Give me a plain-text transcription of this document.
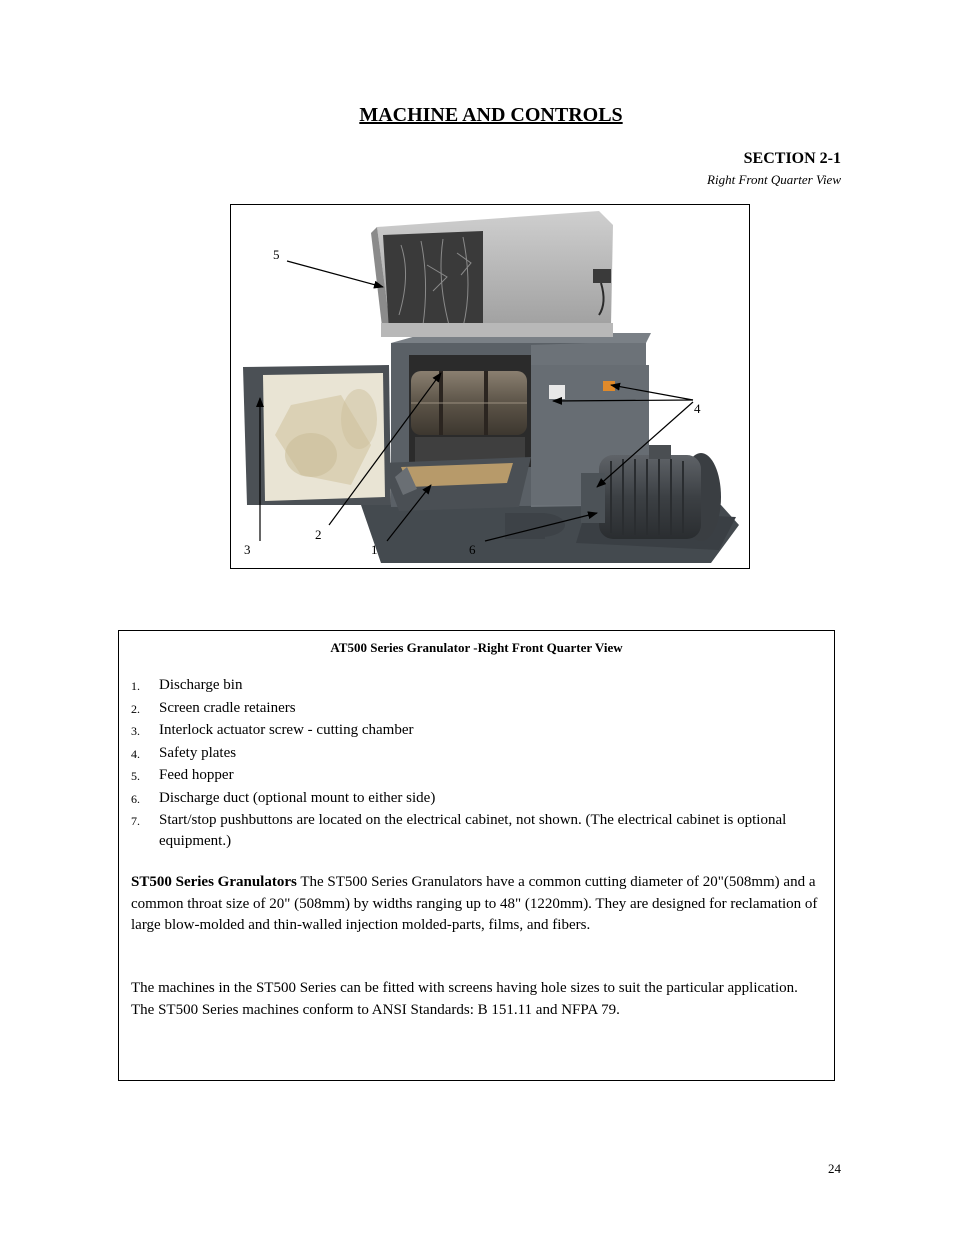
MACHINE AND CONTROLS
SECTION 2-1
Right Front Quarter View
5
4
3
2
1	6
AT500 Series Granulator -Right Front Quarter View
1. Discharge bin
2. Screen cradle retainers
3. Interlock actuator screw - cutting chamber
4. Safety plates
5. Feed hopper
6. Discharge duct (optional mount to either side)
7. Start/stop pushbuttons are located on the electrical cabinet, not shown. (The electrical cabinet is optional equipment.)

ST500 Series Granulators The ST500 Series Granulators have a common cutting diameter of 20"(508mm) and a common throat size of 20" (508mm) by widths ranging up to 48" (1220mm). They are designed for reclamation of large blow-molded and thin-walled injection molded-parts, films, and fibers.

The machines in the ST500 Series can be fitted with screens having hole sizes to suit the particular application. The ST500 Series machines conform to ANSI Standards: B 151.11 and NFPA 79.

24
